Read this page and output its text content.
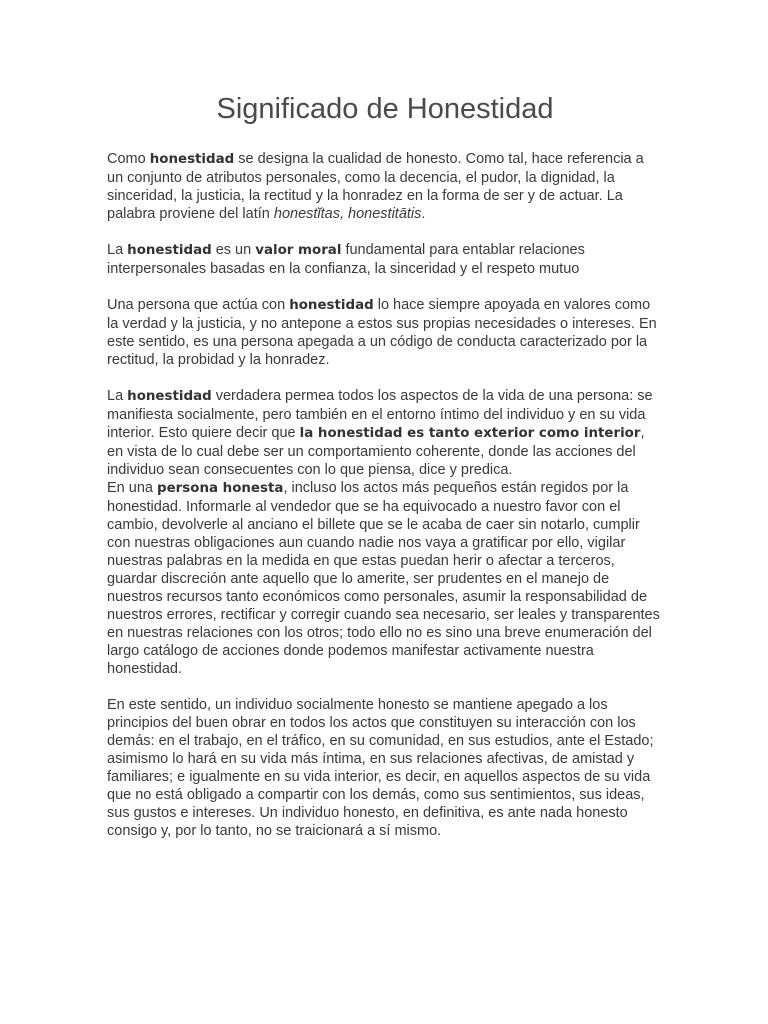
Significado de Honestidad

Como honestidad se designa la cualidad de honesto. Como tal, hace referencia a un conjunto de atributos personales, como la decencia, el pudor, la dignidad, la sinceridad, la justicia, la rectitud y la honradez en la forma de ser y de actuar. La palabra proviene del latín honestĭtas, honestitātis.

La honestidad es un valor moral fundamental para entablar relaciones interpersonales basadas en la confianza, la sinceridad y el respeto mutuo

Una persona que actúa con honestidad lo hace siempre apoyada en valores como la verdad y la justicia, y no antepone a estos sus propias necesidades o intereses. En este sentido, es una persona apegada a un código de conducta caracterizado por la rectitud, la probidad y la honradez.

La honestidad verdadera permea todos los aspectos de la vida de una persona: se manifiesta socialmente, pero también en el entorno íntimo del individuo y en su vida interior. Esto quiere decir que la honestidad es tanto exterior como interior, en vista de lo cual debe ser un comportamiento coherente, donde las acciones del individuo sean consecuentes con lo que piensa, dice y predica.

En una persona honesta, incluso los actos más pequeños están regidos por la honestidad. Informarle al vendedor que se ha equivocado a nuestro favor con el cambio, devolverle al anciano el billete que se le acaba de caer sin notarlo, cumplir con nuestras obligaciones aun cuando nadie nos vaya a gratificar por ello, vigilar nuestras palabras en la medida en que estas puedan herir o afectar a terceros, guardar discreción ante aquello que lo amerite, ser prudentes en el manejo de nuestros recursos tanto económicos como personales, asumir la responsabilidad de nuestros errores, rectificar y corregir cuando sea necesario, ser leales y transparentes en nuestras relaciones con los otros; todo ello no es sino una breve enumeración del largo catálogo de acciones donde podemos manifestar activamente nuestra honestidad.

En este sentido, un individuo socialmente honesto se mantiene apegado a los principios del buen obrar en todos los actos que constituyen su interacción con los demás: en el trabajo, en el tráfico, en su comunidad, en sus estudios, ante el Estado; asimismo lo hará en su vida más íntima, en sus relaciones afectivas, de amistad y familiares; e igualmente en su vida interior, es decir, en aquellos aspectos de su vida que no está obligado a compartir con los demás, como sus sentimientos, sus ideas, sus gustos e intereses. Un individuo honesto, en definitiva, es ante nada honesto consigo y, por lo tanto, no se traicionará a sí mismo.
